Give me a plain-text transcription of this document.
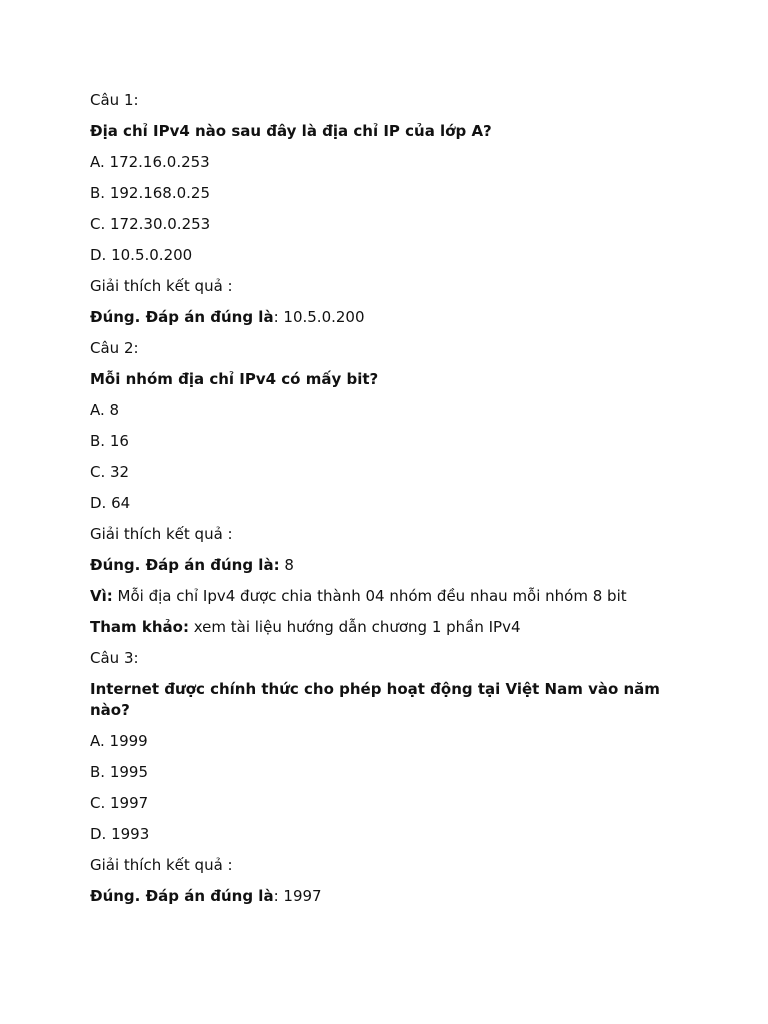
Câu 1:
Địa chỉ IPv4 nào sau đây là địa chỉ IP của lớp A?
A. 172.16.0.253
B. 192.168.0.25
C. 172.30.0.253
D. 10.5.0.200
Giải thích kết quả :
Đúng. Đáp án đúng là: 10.5.0.200
Câu 2:
Mỗi nhóm địa chỉ IPv4 có mấy bit?
A. 8
B. 16
C. 32
D. 64
Giải thích kết quả :
Đúng. Đáp án đúng là: 8
Vì: Mỗi địa chỉ Ipv4 được chia thành 04 nhóm đều nhau mỗi nhóm 8 bit
Tham khảo: xem tài liệu hướng dẫn chương 1 phần IPv4
Câu 3:
Internet được chính thức cho phép hoạt động tại Việt Nam vào năm nào?
A. 1999
B. 1995
C. 1997
D. 1993
Giải thích kết quả :
Đúng. Đáp án đúng là: 1997
